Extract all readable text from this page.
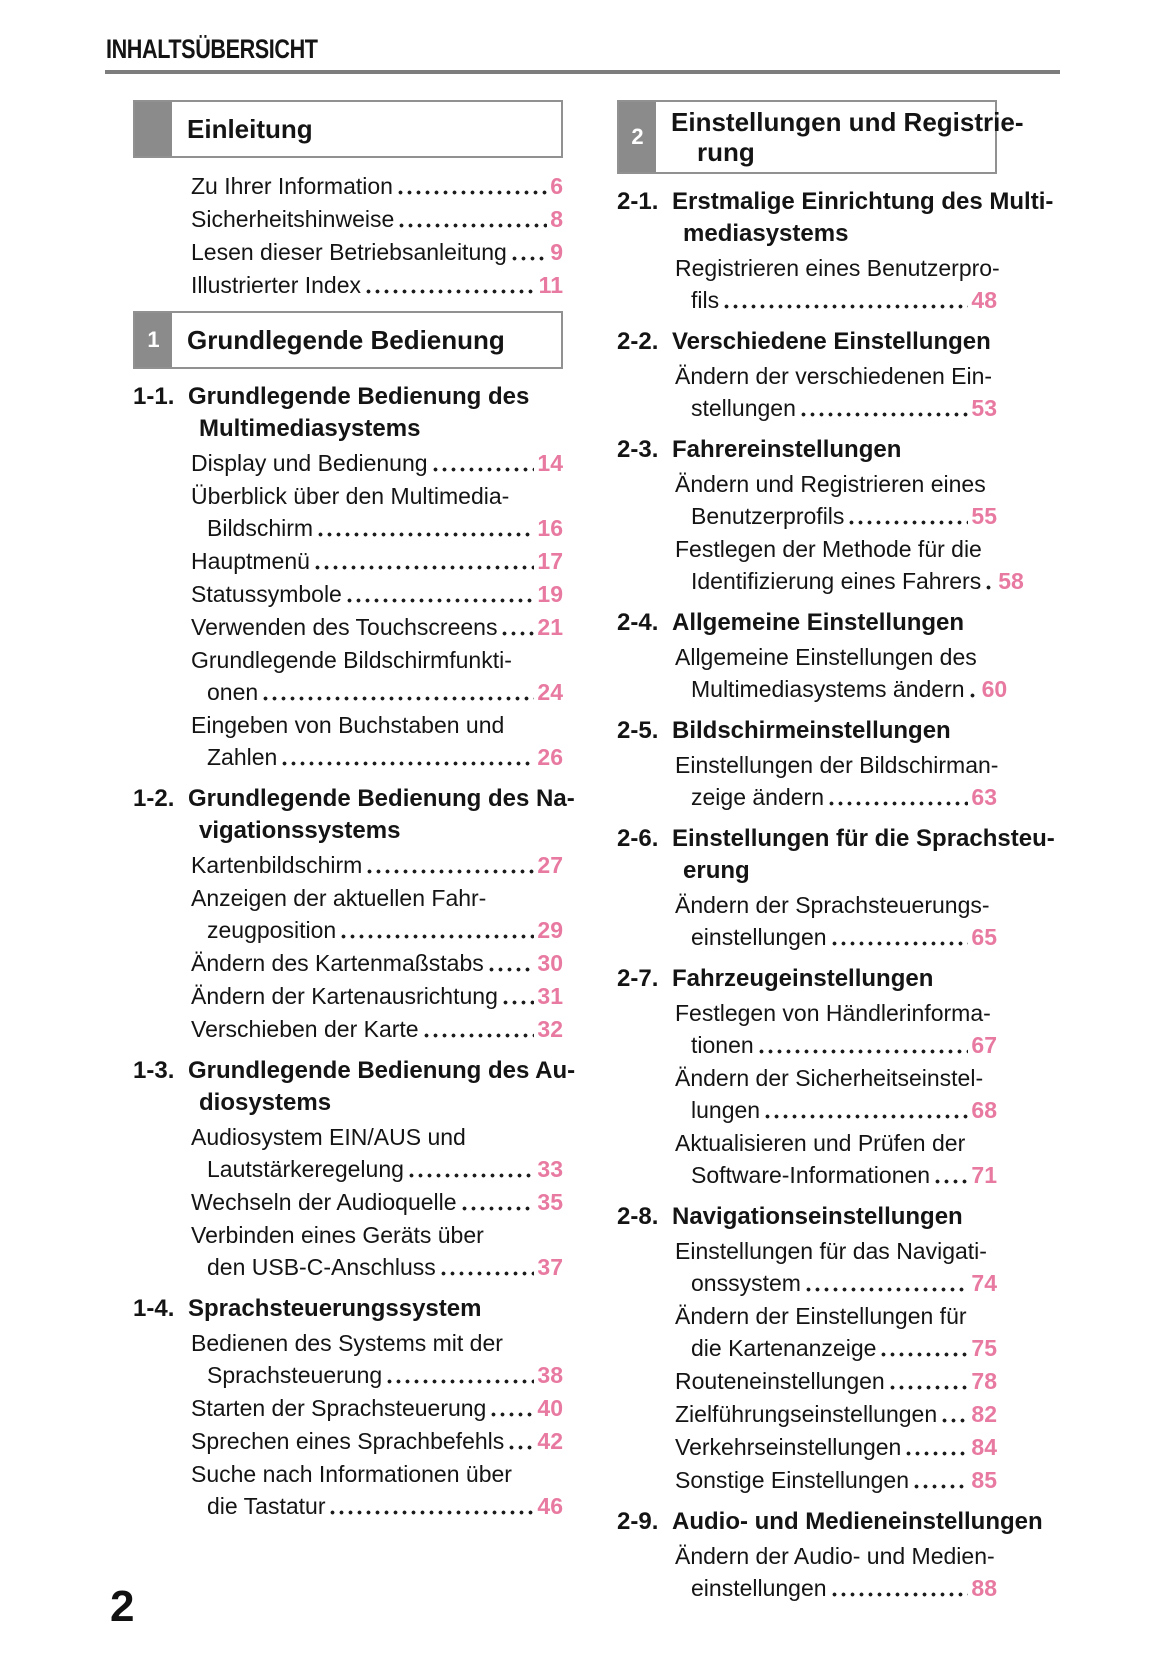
INHALTSÜBERSICHT
Einleitung
Zu Ihrer Information	6
Sicherheitshinweise	8
Lesen dieser Betriebsanleitung 9
Illustrierter Index	11
1	Grundlegende Bedienung
1-1. Grundlegende Bedienung des
Multimediasystems
Display und Bedienung	14
Überblick über den Multimedia-
Bildschirm	16
Hauptmenü	17
Statussymbole	19
Verwenden des Touchscreens 21
Grundlegende Bildschirmfunkti-
onen	24
Eingeben von Buchstaben und
Zahlen	26
1-2. Grundlegende Bedienung des Na-
vigationssystems
Kartenbildschirm	27
Anzeigen der aktuellen Fahr-
zeugposition	29
Ändern des Kartenmaßstabs 30
Ändern der Kartenausrichtung 31
Verschieben der Karte	32
1-3. Grundlegende Bedienung des Au-
diosystems
Audiosystem EIN/AUS und
Lautstärkeregelung	33
Wechseln der Audioquelle	35
Verbinden eines Geräts über
den USB-C-Anschluss	37
1-4. Sprachsteuerungssystem
Bedienen des Systems mit der
Sprachsteuerung	38
Starten der Sprachsteuerung 40
Sprechen eines Sprachbefehls 42
Suche nach Informationen über
die Tastatur	46
2	Einstellungen und Registrie-
rung
2-1. Erstmalige Einrichtung des Multi-
mediasystems
Registrieren eines Benutzerpro-
fils	48
2-2. Verschiedene Einstellungen
Ändern der verschiedenen Ein-
stellungen	53
2-3. Fahrereinstellungen
Ändern und Registrieren eines
Benutzerprofils	55
Festlegen der Methode für die
Identifizierung eines Fahrers 58
2-4. Allgemeine Einstellungen
Allgemeine Einstellungen des
Multimediasystems ändern 60
2-5. Bildschirmeinstellungen
Einstellungen der Bildschirman-
zeige ändern	63
2-6. Einstellungen für die Sprachsteu-
erung
Ändern der Sprachsteuerungs-
einstellungen	65
2-7. Fahrzeugeinstellungen
Festlegen von Händlerinforma-
tionen	67
Ändern der Sicherheitseinstel-
lungen	68
Aktualisieren und Prüfen der
Software-Informationen 71
2-8. Navigationseinstellungen
Einstellungen für das Navigati-
onssystem	74
Ändern der Einstellungen für
die Kartenanzeige	75
Routeneinstellungen	78
Zielführungseinstellungen 82
Verkehrseinstellungen	84
Sonstige Einstellungen	85
2-9. Audio- und Medieneinstellungen
Ändern der Audio- und Medien-
einstellungen	88
2
